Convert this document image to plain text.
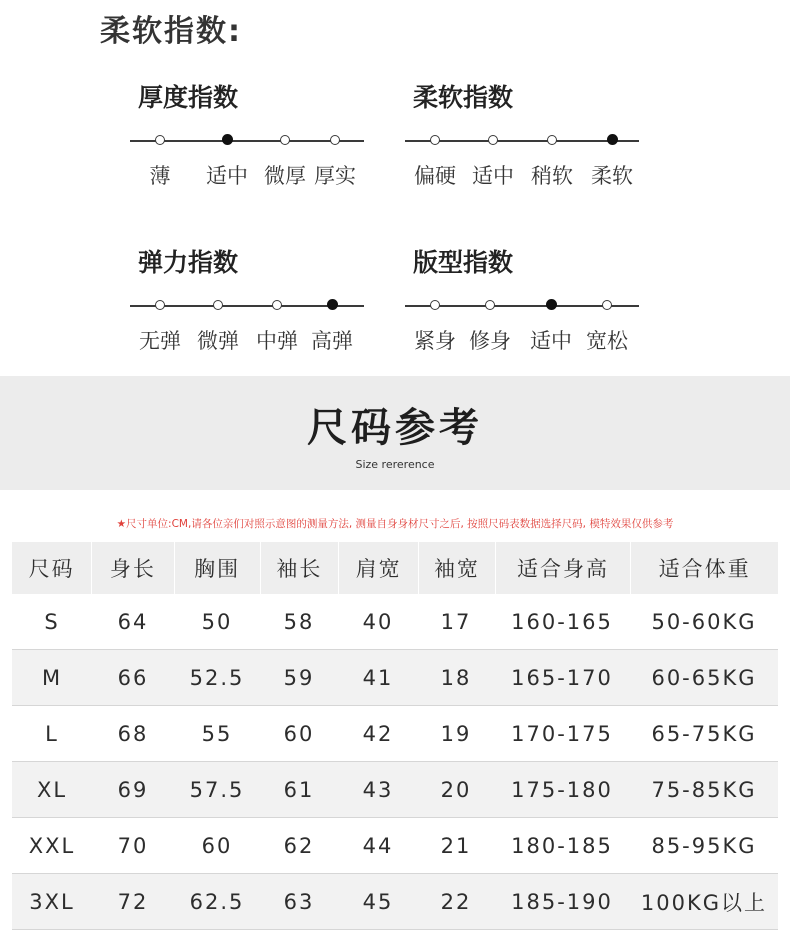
柔软指数:
厚度指数
薄 适中 微厚 厚实
柔软指数
偏硬 适中 稍软 柔软
弹力指数
无弹 微弹 中弹 高弹
版型指数
紧身 修身 适中 宽松
尺码参考
Size rererence
★尺寸单位:CM,请各位亲们对照示意图的测量方法, 测量自身身材尺寸之后, 按照尺码表数据选择尺码, 模特效果仅供参考
尺码	身长	胸围	袖长	肩宽	袖宽	适合身高	适合体重
S	64	50	58	40	17	160-165	50-60KG
M	66	52.5	59	41	18	165-170	60-65KG
L	68	55	60	42	19	170-175	65-75KG
XL	69	57.5	61	43	20	175-180	75-85KG
XXL	70	60	62	44	21	180-185	85-95KG
3XL	72	62.5	63	45	22	185-190	100KG以上
